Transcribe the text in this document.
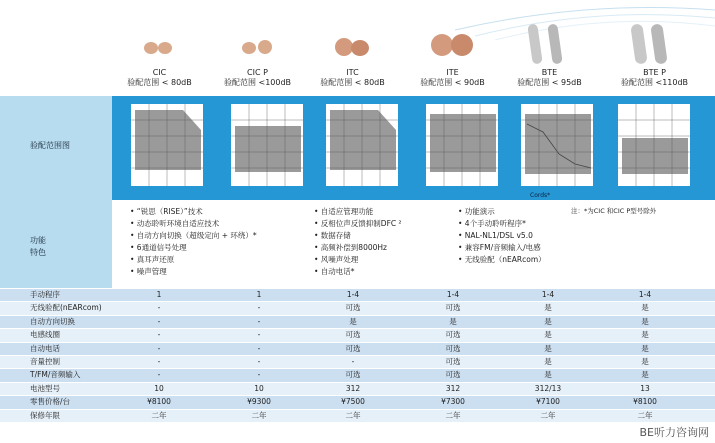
CIC
验配范围 < 80dB
CIC P
验配范围 <100dB
ITC
验配范围 < 80dB
ITE
验配范围 < 90dB
BTE
验配范围 < 95dB
BTE P
验配范围 <110dB
验配范围图
Cords*
功能
特色
• “锐思（RISE）”技术
• 动态聆听环境自适应技术
• 自动方向切换（超级定向 + 环绕）*
• 6通道信号处理
• 真耳声还原
• 噪声管理
• 自适应管理功能
• 反相位声反馈抑制DFC ²
• 数据存储
• 高频补偿到8000Hz
• 风噪声处理
• 自动电话*
• 功能演示
• 4个手动聆听程序*
• NAL-NL1/DSL v5.0
• 兼容FM/音频输入/电感
• 无线验配（nEARcom）
注：*为CIC 和CIC P型号除外
手动程序	1	1	1-4	1-4	1-4	1-4
无线验配(nEARcom)	-	-	可选	可选	是	是
自动方向切换	-	-	是	是	是	是
电感线圈	-	-	可选	可选	是	是
自动电话	-	-	可选	可选	是	是
音量控制	-	-	-	可选	是	是
T/FM/音频输入	-	-	可选	可选	是	是
电池型号	10	10	312	312	312/13	13
零售价格/台	¥8100	¥9300	¥7500	¥7300	¥7100	¥8100
保修年限	二年	二年	二年	二年	二年	二年
BE听力咨询网
